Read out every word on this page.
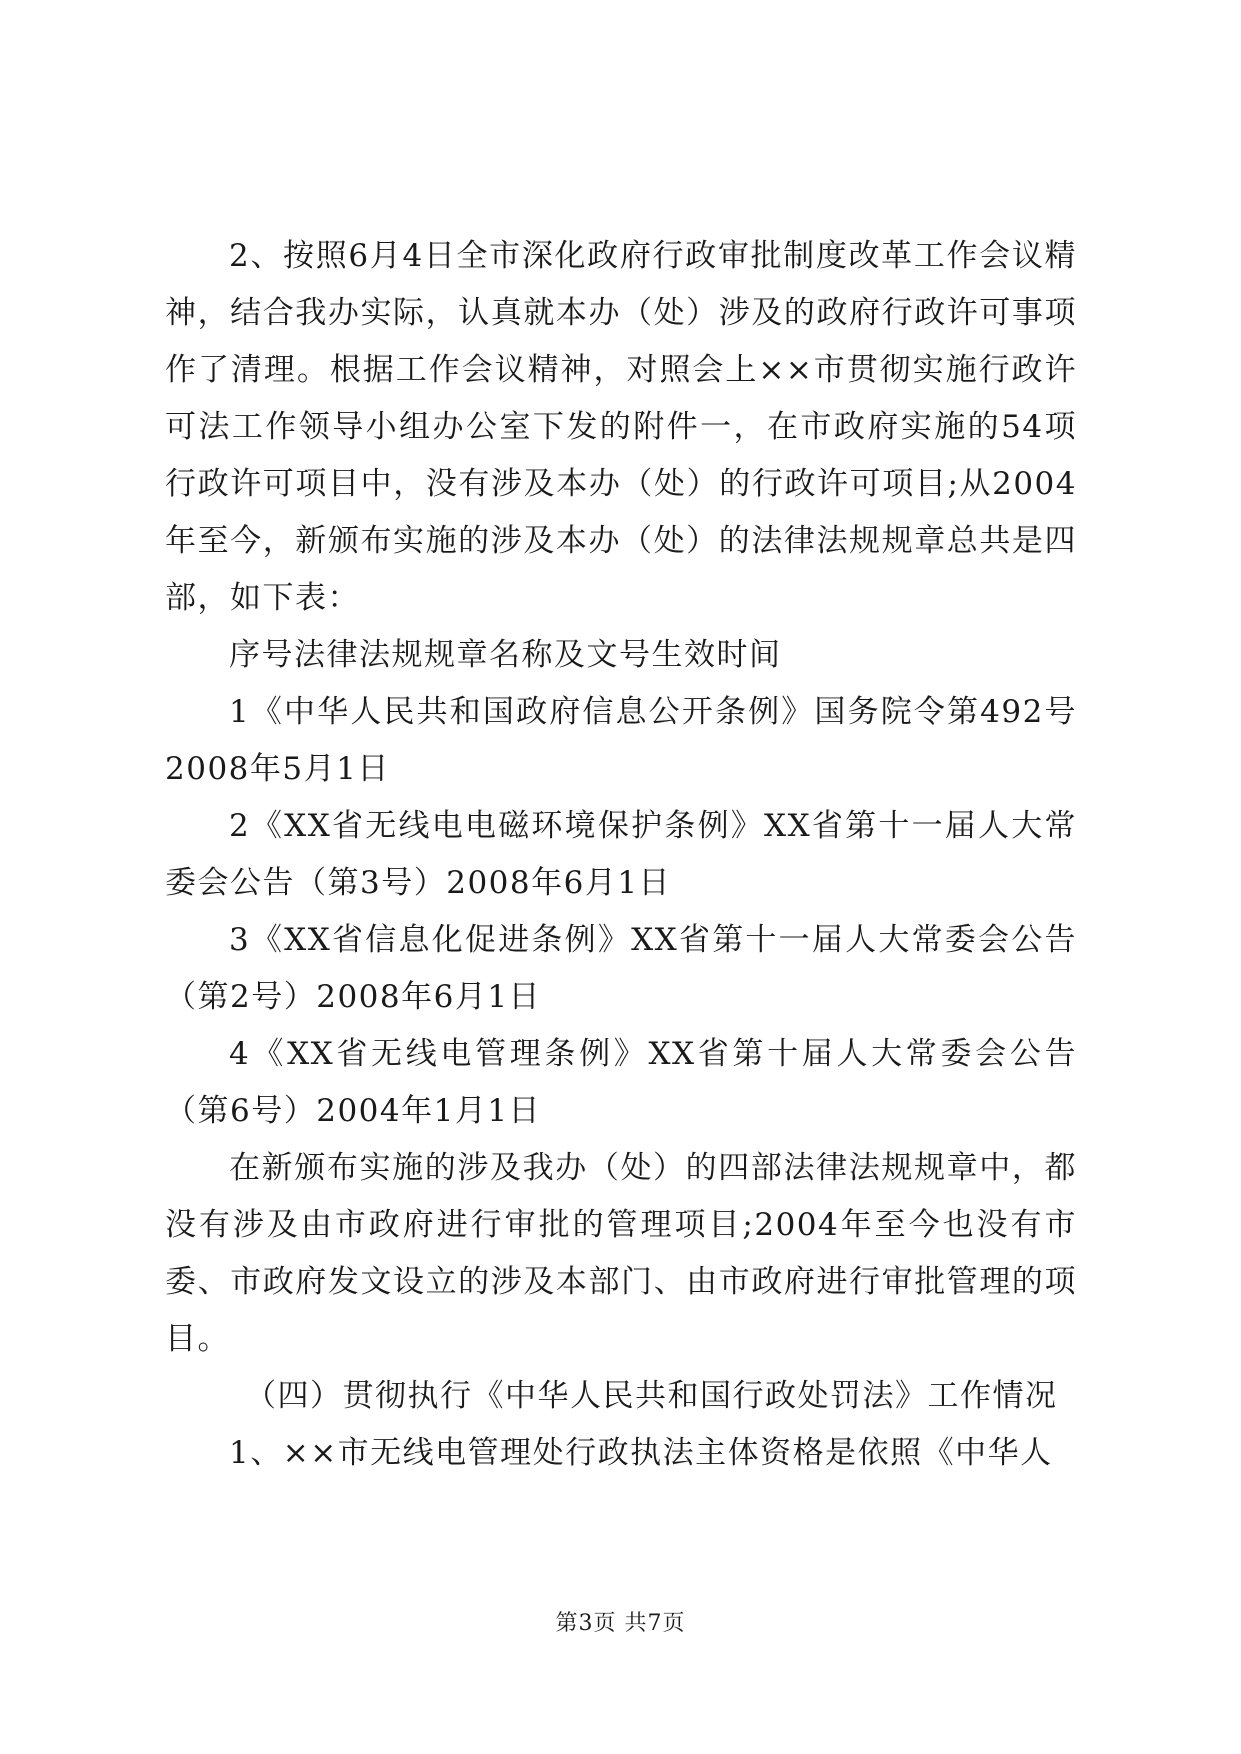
2、按照6月4日全市深化政府行政审批制度改革工作会议精神，结合我办实际，认真就本办（处）涉及的政府行政许可事项作了清理。根据工作会议精神，对照会上××市贯彻实施行政许可法工作领导小组办公室下发的附件一，在市政府实施的54项行政许可项目中，没有涉及本办（处）的行政许可项目;从2004年至今，新颁布实施的涉及本办（处）的法律法规规章总共是四部，如下表：

序号法律法规规章名称及文号生效时间

1《中华人民共和国政府信息公开条例》国务院令第492号2008年5月1日

2《XX省无线电电磁环境保护条例》XX省第十一届人大常委会公告（第3号）2008年6月1日

3《XX省信息化促进条例》XX省第十一届人大常委会公告（第2号）2008年6月1日

4《XX省无线电管理条例》XX省第十届人大常委会公告（第6号）2004年1月1日

在新颁布实施的涉及我办（处）的四部法律法规规章中，都没有涉及由市政府进行审批的管理项目;2004年至今也没有市委、市政府发文设立的涉及本部门、由市政府进行审批管理的项目。

（四）贯彻执行《中华人民共和国行政处罚法》工作情况

1、××市无线电管理处行政执法主体资格是依照《中华人

第3页 共7页
